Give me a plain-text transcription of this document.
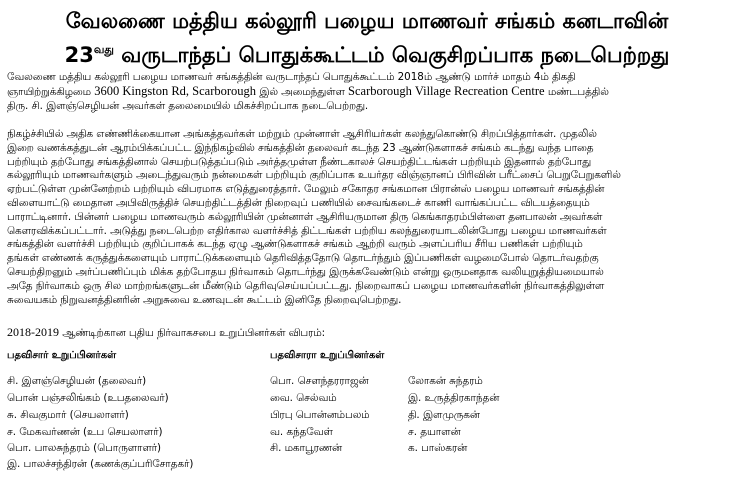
வேலணை மத்திய கல்லூரி பழைய மாணவர் சங்கம் கனடாவின்
$23^{வது}$ வருடாந்தப் பொதுக்கூட்டம் வெகுசிறப்பாக நடைபெற்றது
வேலணை மத்திய கல்லூரி பழைய மாணவர் சங்கத்தின் வருடாந்தப் பொதுக்கூட்டம் 2018ம் ஆண்டு மார்ச் மாதம் 4ம் திகதி
ஞாயிற்றுக்கிழமை 3600 Kingston Rd, Scarborough இல் அமைந்துள்ள Scarborough Village Recreation Centre மண்டபத்தில்
திரு. சி. இளஞ்செழியன் அவர்கள் தலைமையில் மிகச்சிறப்பாக நடைபெற்றது.
நிகழ்ச்சியில் அதிக எண்ணிக்கையான அங்கத்தவர்கள் மற்றும் முன்னாள் ஆசிரியர்கள் கலந்துகொண்டு சிறப்பித்தார்கள். முதலில்
இறை வணக்கத்துடன் ஆரம்பிக்கப்பட்ட இந்நிகழ்வில் சங்கத்தின் தலைவர் கடந்த 23 ஆண்டுகளாகச் சங்கம் கடந்து வந்த பாதை
பற்றியும் தற்போது சங்கத்தினால் செயற்படுத்தப்படும் அர்த்தமுள்ள நீண்டகாலச் செயற்திட்டங்கள் பற்றியும் இதனால் தற்போது
கல்லூரியும் மாணவர்களும் அடைந்துவரும் நன்மைகள் பற்றியும் குறிப்பாக உயர்தர விஞ்ஞானப் பிரிவின் பரீட்சைப் பெறுபேறுகளில்
ஏற்பட்டுள்ள முன்னேற்றம் பற்றியும் விபரமாக எடுத்துரைத்தார். மேலும் சகோதர சங்கமான பிரான்ஸ் பழைய மாணவர் சங்கத்தின்
விளையாட்டு மைதான அபிவிருத்திச் செயற்திட்டத்தின் நிறைவுப் பணியில் சைவங்கடைச் காணி வாங்கப்பட்ட விடயத்தையும்
பாராட்டினார். பின்னர் பழைய மாணவரும் கல்லூரியின் முன்னாள் ஆசிரியருமான திரு கெங்காதரம்பிள்ளை தனபாலன் அவர்கள்
கௌரவிக்கப்பட்டார். அடுத்து நடைபெற்ற எதிர்கால வளர்ச்சித் திட்டங்கள் பற்றிய கலந்துரையாடலின்போது பழைய மாணவர்கள்
சங்கத்தின் வளர்ச்சி பற்றியும் குறிப்பாகக் கடந்த ஏழு ஆண்டுகளாகச் சங்கம் ஆற்றி வரும் அளப்பரிய சீரிய பணிகள் பற்றியும்
தங்கள் எண்ணக் கருத்துக்களையும் பாராட்டுக்களையும் தெரிவித்ததோடு தொடர்ந்தும் இப்பணிகள் வழமைபோல் தொடர்வதற்கு
செயற்திறனும் அர்ப்பணிப்பும் மிக்க தற்போதய நிர்வாகம் தொடர்ந்து இருக்கவேண்டும் என்று ஒருமனதாக வலியுறுத்தியமையால்
அதே நிர்வாகம் ஒரு சில மாற்றங்களுடன் மீண்டும் தெரிவுசெய்யப்பட்டது. நிறைவாகப் பழைய மாணவர்களின் நிர்வாகத்திலுள்ள
சுவையகம் நிறுவனத்தினரின் அறுசுவை உணவுடன் கூட்டம் இனிதே நிறைவுபெற்றது.
2018-2019 ஆண்டிற்கான புதிய நிர்வாகசபை உறுப்பினர்கள் விபரம்:
பதவிசார் உறுப்பினர்கள்	பதவிசாரா உறுப்பினர்கள்
சி. இளஞ்செழியன் (தலைவர்)
பொன் பஞ்சலிங்கம் (உபதலைவர்)
சு. சிவகுமார் (செயலாளர்)
ச. மேகவர்ணன் (உப செயலாளர்)
பொ. பாலசுந்தரம் (பொருளாளர்)
இ. பாலச்சந்திரன் (கணக்குப்பரிசோதகர்)
பொ. சௌந்தரராஜன்
வை. செல்வம்
பிரபு பொன்னம்பலம்
வ. கந்தவேள்
சி. மகாபூரணன்
லோகன் சுந்தரம்
இ. உருத்திரகாந்தன்
தி. இளமுருகன்
ச. தயாளன்
க. பாஸ்கரன்
